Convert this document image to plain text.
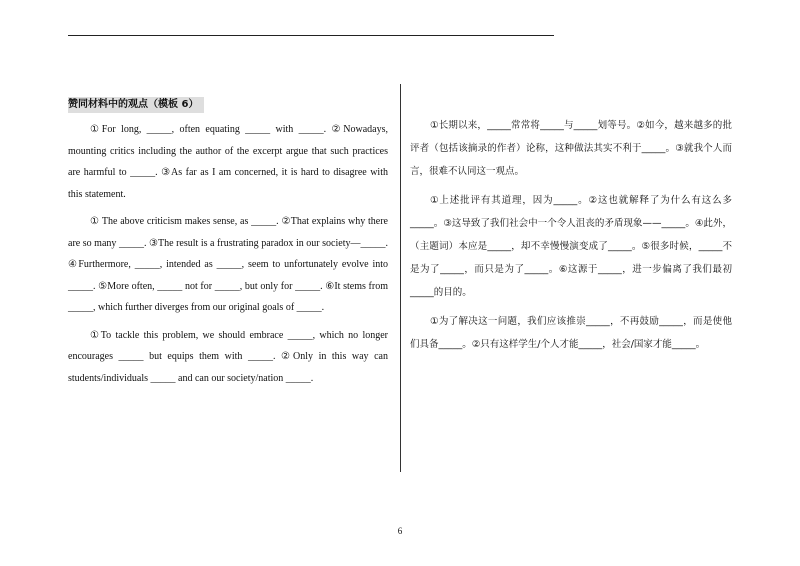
赞同材料中的观点（模板 6）

①For long, _____, often equating _____ with _____. ②Nowadays, mounting critics including the author of the excerpt argue that such practices are harmful to _____. ③As far as I am concerned, it is hard to disagree with this statement.

① The above criticism makes sense, as _____. ②That explains why there are so many _____. ③The result is a frustrating paradox in our society—_____. ④Furthermore, _____, intended as _____, seem to unfortunately evolve into _____. ⑤More often, _____ not for _____, but only for _____. ⑥It stems from _____, which further diverges from our original goals of _____.

①To tackle this problem, we should embrace _____, which no longer encourages _____ but equips them with _____. ②Only in this way can students/individuals _____ and can our society/nation _____.

①长期以来，_____常常将_____与_____划等号。②如今，越来越多的批评者（包括该摘录的作者）论称，这种做法其实不利于_____。③就我个人而言，很难不认同这一观点。

①上述批评有其道理，因为_____。②这也就解释了为什么有这么多_____。③这导致了我们社会中一个令人沮丧的矛盾现象——_____。④此外，（主题词）本应是_____，却不幸慢慢演变成了_____。⑤很多时候，_____不是为了_____，而只是为了_____。⑥这源于_____，进一步偏离了我们最初_____的目的。

①为了解决这一问题，我们应该推崇_____，不再鼓励_____，而是使他们具备_____。②只有这样学生/个人才能_____，社会/国家才能_____。

6
